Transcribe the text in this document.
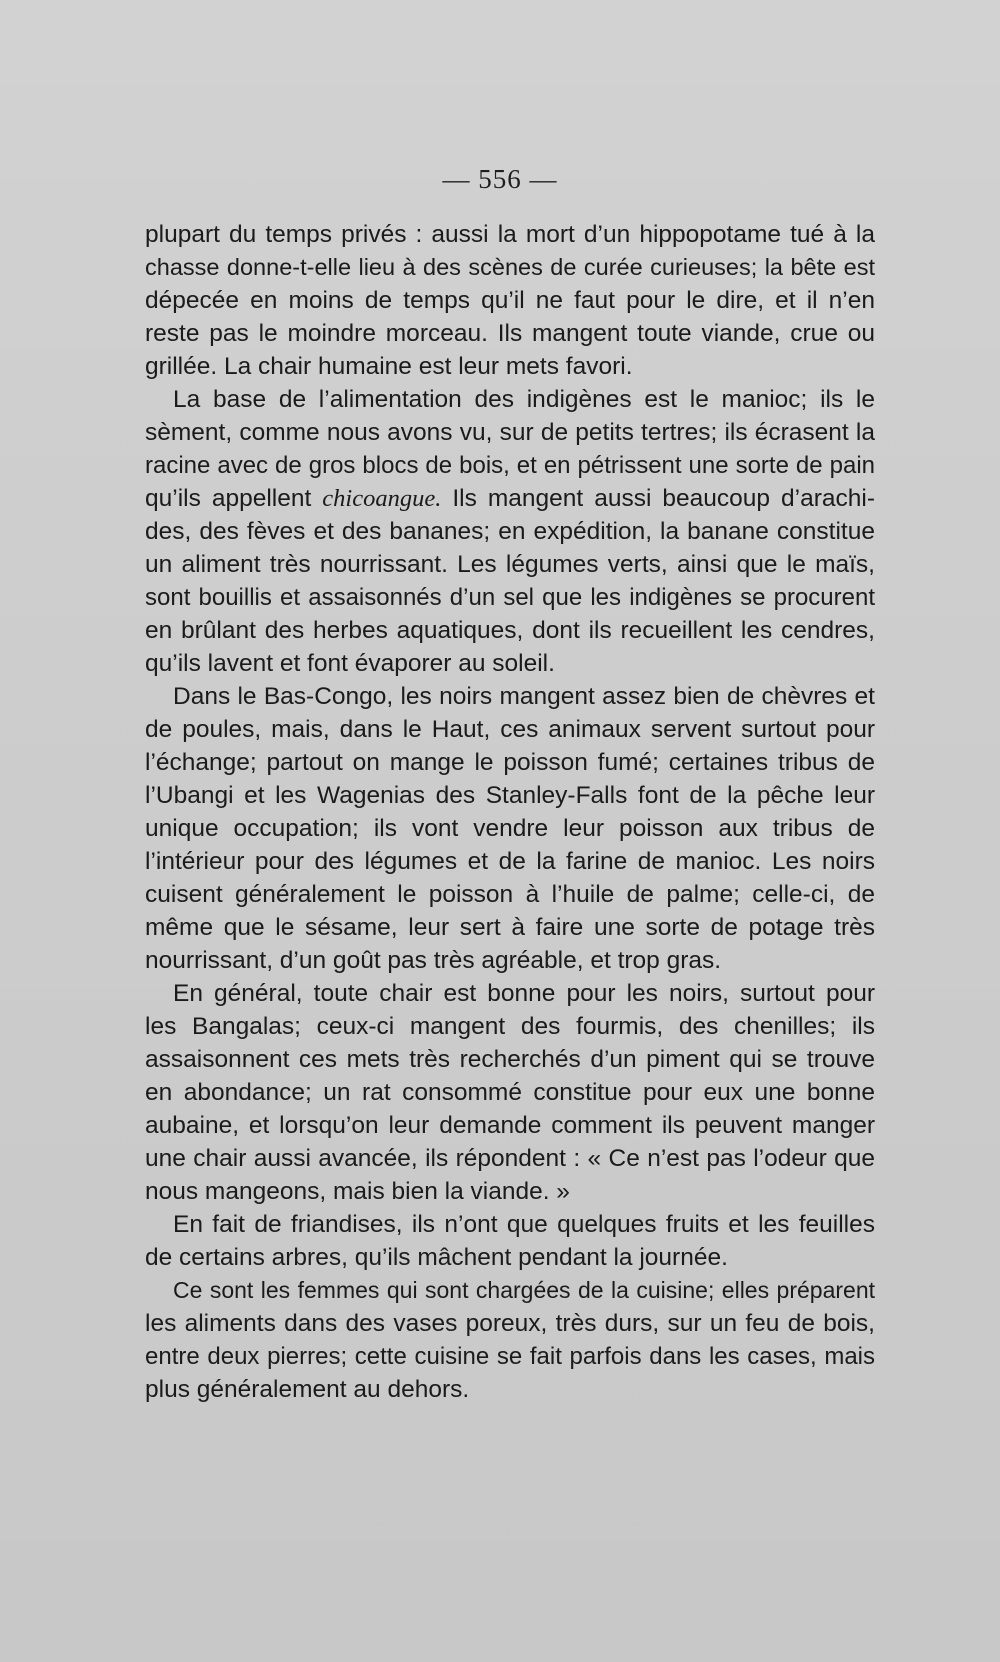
— 556 —
plupart du temps privés : aussi la mort d’un hippopotame tué à la
chasse donne-t-elle lieu à des scènes de curée curieuses; la bête est
dépecée en moins de temps qu’il ne faut pour le dire, et il n’en
reste pas le moindre morceau. Ils mangent toute viande, crue ou
grillée. La chair humaine est leur mets favori.
La base de l’alimentation des indigènes est le manioc; ils le
sèment, comme nous avons vu, sur de petits tertres; ils écrasent la
racine avec de gros blocs de bois, et en pétrissent une sorte de pain
qu’ils appellent chicoangue. Ils mangent aussi beaucoup d’arachi-
des, des fèves et des bananes; en expédition, la banane constitue
un aliment très nourrissant. Les légumes verts, ainsi que le maïs,
sont bouillis et assaisonnés d’un sel que les indigènes se procurent
en brûlant des herbes aquatiques, dont ils recueillent les cendres,
qu’ils lavent et font évaporer au soleil.
Dans le Bas-Congo, les noirs mangent assez bien de chèvres et
de poules, mais, dans le Haut, ces animaux servent surtout pour
l’échange; partout on mange le poisson fumé; certaines tribus de
l’Ubangi et les Wagenias des Stanley-Falls font de la pêche leur
unique occupation; ils vont vendre leur poisson aux tribus de
l’intérieur pour des légumes et de la farine de manioc. Les noirs
cuisent généralement le poisson à l’huile de palme; celle-ci, de
même que le sésame, leur sert à faire une sorte de potage très
nourrissant, d’un goût pas très agréable, et trop gras.
En général, toute chair est bonne pour les noirs, surtout pour
les Bangalas; ceux-ci mangent des fourmis, des chenilles; ils
assaisonnent ces mets très recherchés d’un piment qui se trouve
en abondance; un rat consommé constitue pour eux une bonne
aubaine, et lorsqu’on leur demande comment ils peuvent manger
une chair aussi avancée, ils répondent : « Ce n’est pas l’odeur que
nous mangeons, mais bien la viande. »
En fait de friandises, ils n’ont que quelques fruits et les feuilles
de certains arbres, qu’ils mâchent pendant la journée.
Ce sont les femmes qui sont chargées de la cuisine; elles préparent
les aliments dans des vases poreux, très durs, sur un feu de bois,
entre deux pierres; cette cuisine se fait parfois dans les cases, mais
plus généralement au dehors.
